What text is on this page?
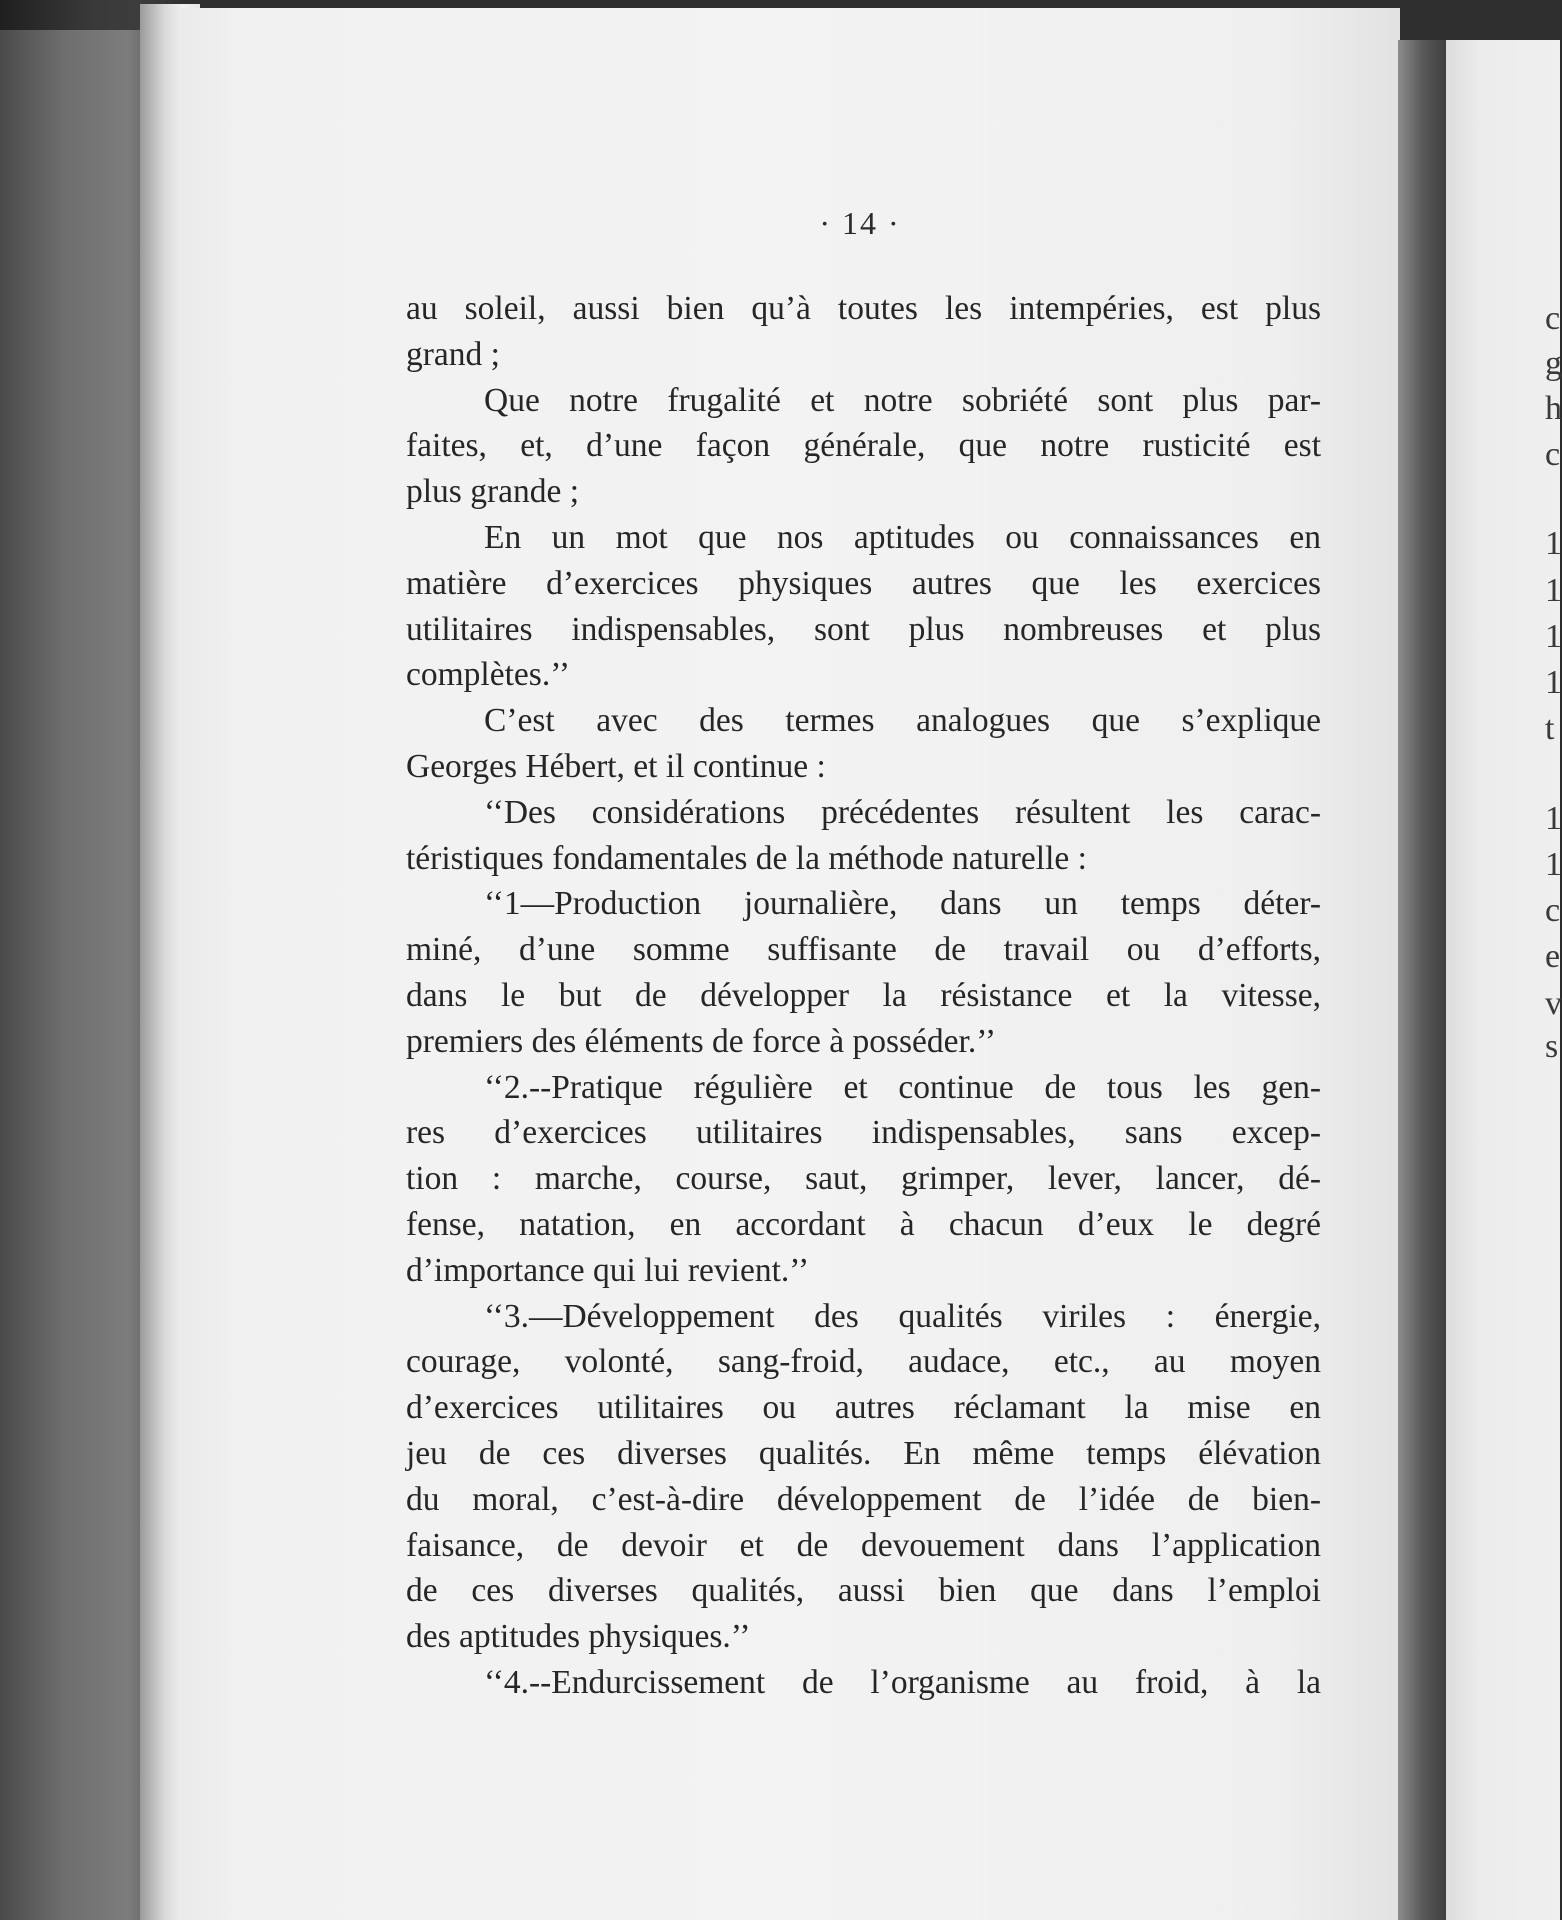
c
g
h
c
1
1
1
1
t
1
1
c
e
v
s
· 14 ·
au soleil, aussi bien qu’à toutes les intempéries, est plus
grand ;
Que notre frugalité et notre sobriété sont plus par-
faites, et, d’une façon générale, que notre rusticité est
plus grande ;
En un mot que nos aptitudes ou connaissances en
matière d’exercices physiques autres que les exercices
utilitaires indispensables, sont plus nombreuses et plus
complètes.’’
C’est avec des termes analogues que s’explique
Georges Hébert, et il continue :
‘‘Des considérations précédentes résultent les carac-
téristiques fondamentales de la méthode naturelle :
‘‘1—Production journalière, dans un temps déter-
miné, d’une somme suffisante de travail ou d’efforts,
dans le but de développer la résistance et la vitesse,
premiers des éléments de force à posséder.’’
‘‘2.--Pratique régulière et continue de tous les gen-
res d’exercices utilitaires indispensables, sans excep-
tion : marche, course, saut, grimper, lever, lancer, dé-
fense, natation, en accordant à chacun d’eux le degré
d’importance qui lui revient.’’
‘‘3.—Développement des qualités viriles : énergie,
courage, volonté, sang-froid, audace, etc., au moyen
d’exercices utilitaires ou autres réclamant la mise en
jeu de ces diverses qualités. En même temps élévation
du moral, c’est-à-dire développement de l’idée de bien-
faisance, de devoir et de devouement dans l’application
de ces diverses qualités, aussi bien que dans l’emploi
des aptitudes physiques.’’
‘‘4.--Endurcissement de l’organisme au froid, à la
